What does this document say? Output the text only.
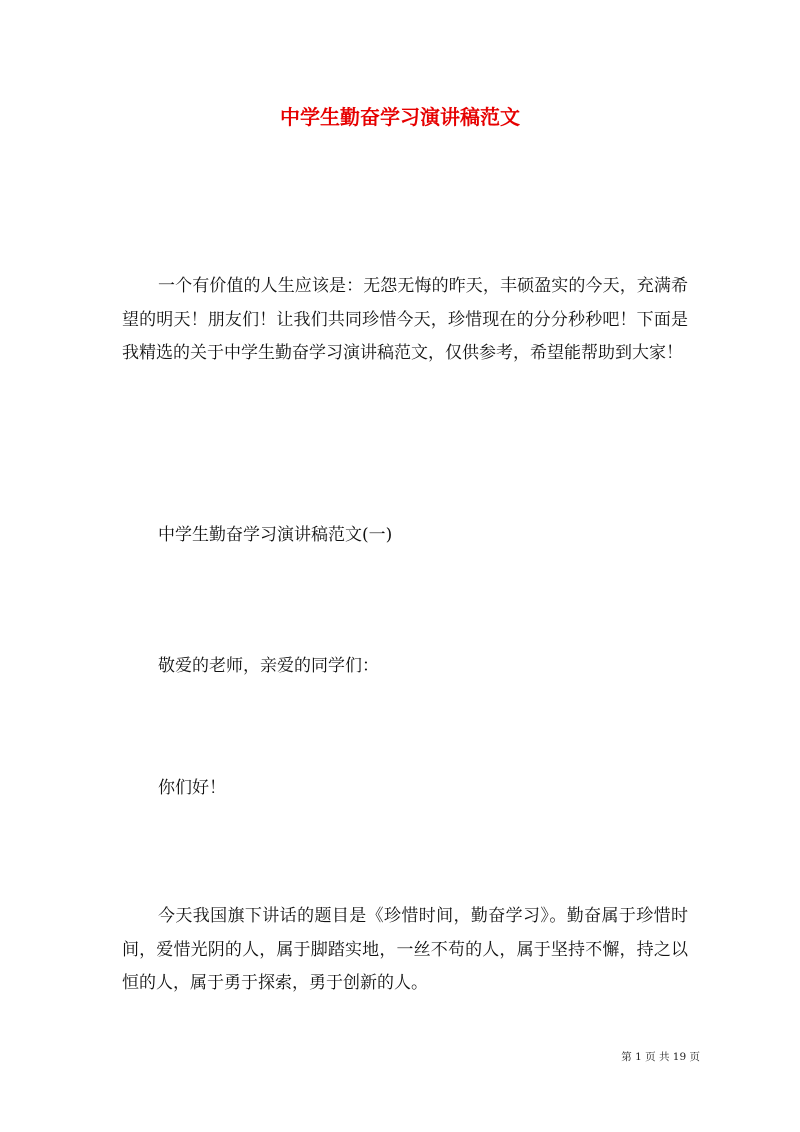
中学生勤奋学习演讲稿范文

一个有价值的人生应该是：无怨无悔的昨天，丰硕盈实的今天，充满希望的明天！朋友们！让我们共同珍惜今天，珍惜现在的分分秒秒吧！下面是我精选的关于中学生勤奋学习演讲稿范文，仅供参考，希望能帮助到大家！

中学生勤奋学习演讲稿范文(一)

敬爱的老师，亲爱的同学们：

你们好！

今天我国旗下讲话的题目是《珍惜时间，勤奋学习》。勤奋属于珍惜时间，爱惜光阴的人，属于脚踏实地，一丝不苟的人，属于坚持不懈，持之以恒的人，属于勇于探索，勇于创新的人。

第 1 页 共 19 页
